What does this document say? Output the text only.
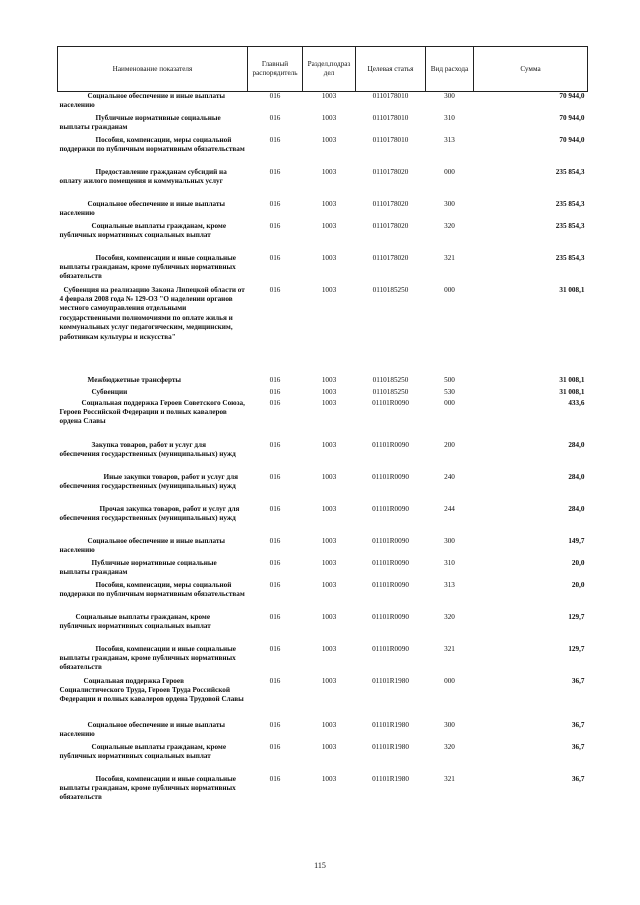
Наименование показателя	Главный распорядитель	Раздел,подраз дел	Целевая статья	Вид расхода	Сумма
Социальное обеспечение и иные выплаты населению	016	1003	0110178010	300	70 944,0
Публичные нормативные социальные выплаты гражданам	016	1003	0110178010	310	70 944,0
Пособия, компенсации, меры социальной поддержки по публичным нормативным обязательствам	016	1003	0110178010	313	70 944,0
Предоставление гражданам субсидий на оплату жилого помещения и коммунальных услуг	016	1003	0110178020	000	235 854,3
Социальное обеспечение и иные выплаты населению	016	1003	0110178020	300	235 854,3
Социальные выплаты гражданам, кроме публичных нормативных социальных выплат	016	1003	0110178020	320	235 854,3
Пособия, компенсации и иные социальные выплаты гражданам, кроме публичных нормативных обязательств	016	1003	0110178020	321	235 854,3
Субвенция на реализацию Закона Липецкой области от 4 февраля 2008 года № 129-ОЗ "О наделении органов местного самоуправления отдельными государственными полномочиями по оплате жилья и коммунальных услуг педагогическим, медицинским, работникам культуры и искусства"	016	1003	0110185250	000	31 008,1
Межбюджетные трансферты	016	1003	0110185250	500	31 008,1
Субвенции	016	1003	0110185250	530	31 008,1
Социальная поддержка Героев Советского Союза, Героев Российской Федерации и полных кавалеров ордена Славы	016	1003	01101R0090	000	433,6
Закупка товаров, работ и услуг для обеспечения государственных (муниципальных) нужд	016	1003	01101R0090	200	284,0
Иные закупки товаров, работ и услуг для обеспечения государственных (муниципальных) нужд	016	1003	01101R0090	240	284,0
Прочая закупка товаров, работ и услуг для обеспечения государственных (муниципальных) нужд	016	1003	01101R0090	244	284,0
Социальное обеспечение и иные выплаты населению	016	1003	01101R0090	300	149,7
Публичные нормативные социальные выплаты гражданам	016	1003	01101R0090	310	20,0
Пособия, компенсации, меры социальной поддержки по публичным нормативным обязательствам	016	1003	01101R0090	313	20,0
Социальные выплаты гражданам, кроме публичных нормативных социальных выплат	016	1003	01101R0090	320	129,7
Пособия, компенсации и иные социальные выплаты гражданам, кроме публичных нормативных обязательств	016	1003	01101R0090	321	129,7
Социальная поддержка Героев Социалистического Труда, Героев Труда Российской Федерации и полных кавалеров ордена Трудовой Славы	016	1003	01101R1980	000	36,7
Социальное обеспечение и иные выплаты населению	016	1003	01101R1980	300	36,7
Социальные выплаты гражданам, кроме публичных нормативных социальных выплат	016	1003	01101R1980	320	36,7
Пособия, компенсации и иные социальные выплаты гражданам, кроме публичных нормативных обязательств	016	1003	01101R1980	321	36,7
115
